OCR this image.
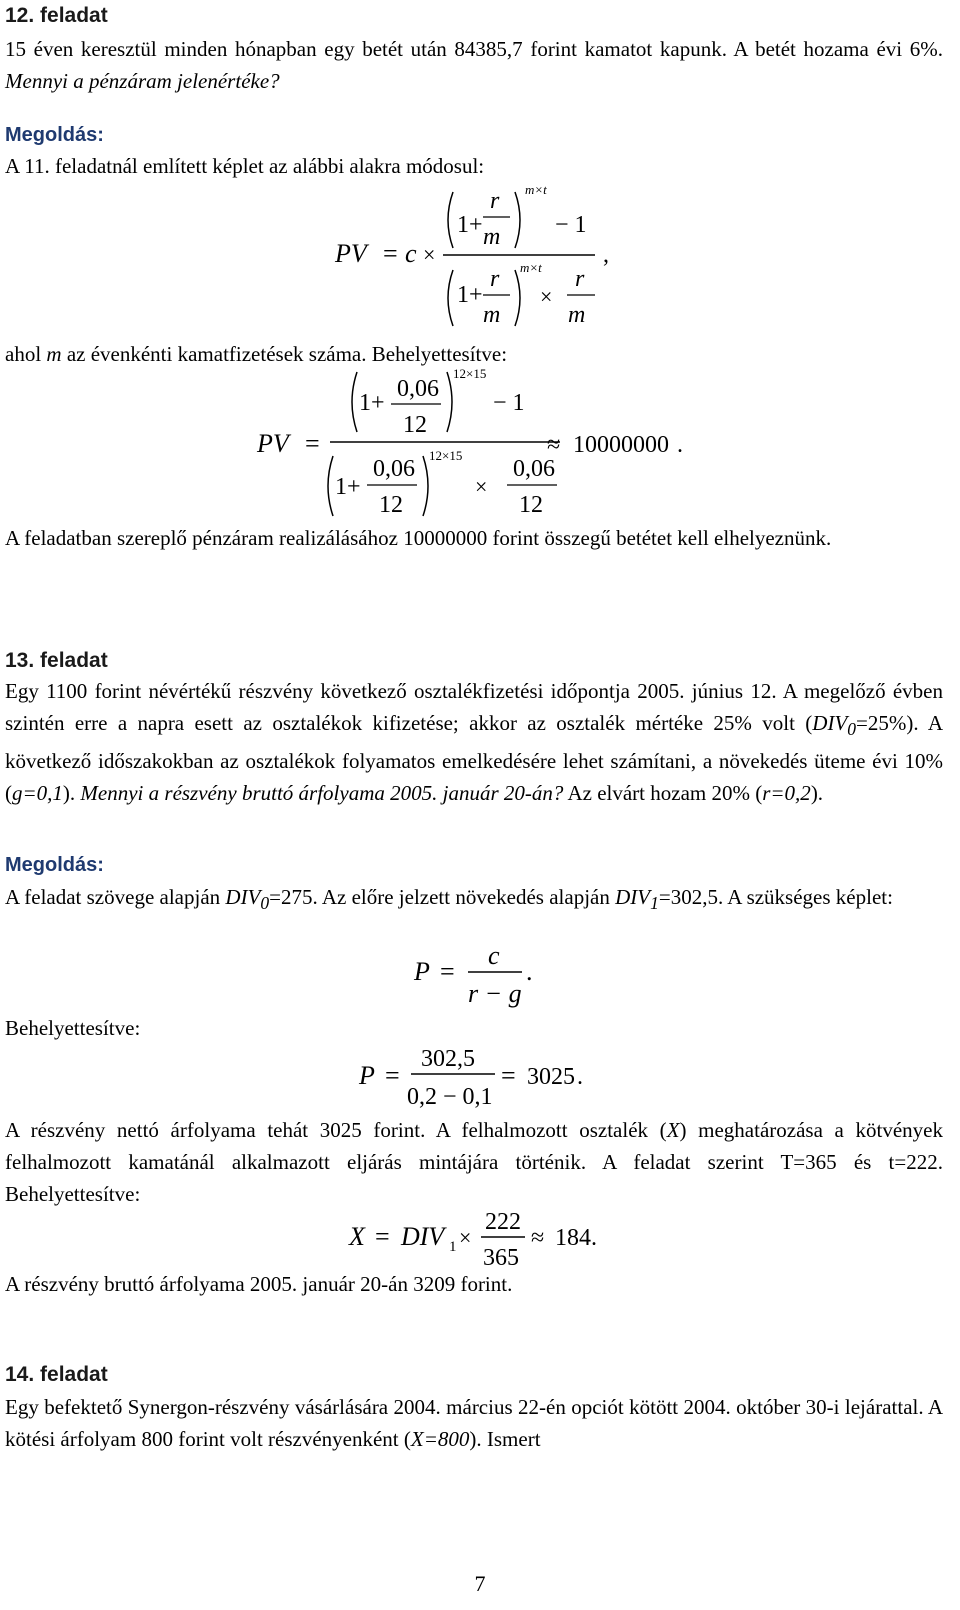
12. feladat

15 éven keresztül minden hónapban egy betét után 84385,7 forint kamatot kapunk. A betét hozama évi 6%. Mennyi a pénzáram jelenértéke?

Megoldás:

A 11. feladatnál említett képlet az alábbi alakra módosul:

PV = c ×
1+
r
m
m×t
− 1
1+
r
m
m×t
×
r
m
,

ahol m az évenkénti kamatfizetések száma. Behelyettesítve:

PV =
1+
0,06
12
12×15
− 1
1+
0,06
12
12×15
×
0,06
12
≈ 10000000 .

A feladatban szereplő pénzáram realizálásához 10000000 forint összegű betétet kell elhelyeznünk.

13. feladat

Egy 1100 forint névértékű részvény következő osztalékfizetési időpontja 2005. június 12. A megelőző évben szintén erre a napra esett az osztalékok kifizetése; akkor az osztalék mértéke 25% volt $(DIV_0=25\%)$. A következő időszakokban az osztalékok folyamatos emelkedésére lehet számítani, a növekedés üteme évi 10% (g=0,1). Mennyi a részvény bruttó árfolyama 2005. január 20-án? Az elvárt hozam 20% (r=0,2).

Megoldás:

A feladat szövege alapján $DIV_0=275$. Az előre jelzett növekedés alapján $DIV_1=302,5$. A szükséges képlet:

P =
c
r − g
.

Behelyettesítve:

P =
302,5
0,2 − 0,1
= 3025 .

A részvény nettó árfolyama tehát 3025 forint. A felhalmozott osztalék (X) meghatározása a kötvények felhalmozott kamatánál alkalmazott eljárás mintájára történik. A feladat szerint T=365 és t=222. Behelyettesítve:

X = DIV 1 ×
222
365
≈ 184 .

A részvény bruttó árfolyama 2005. január 20-án 3209 forint.

14. feladat

Egy befektető Synergon-részvény vásárlására 2004. március 22-én opciót kötött 2004. október 30-i lejárattal. A kötési árfolyam 800 forint volt részvényenként (X=800). Ismert

7
